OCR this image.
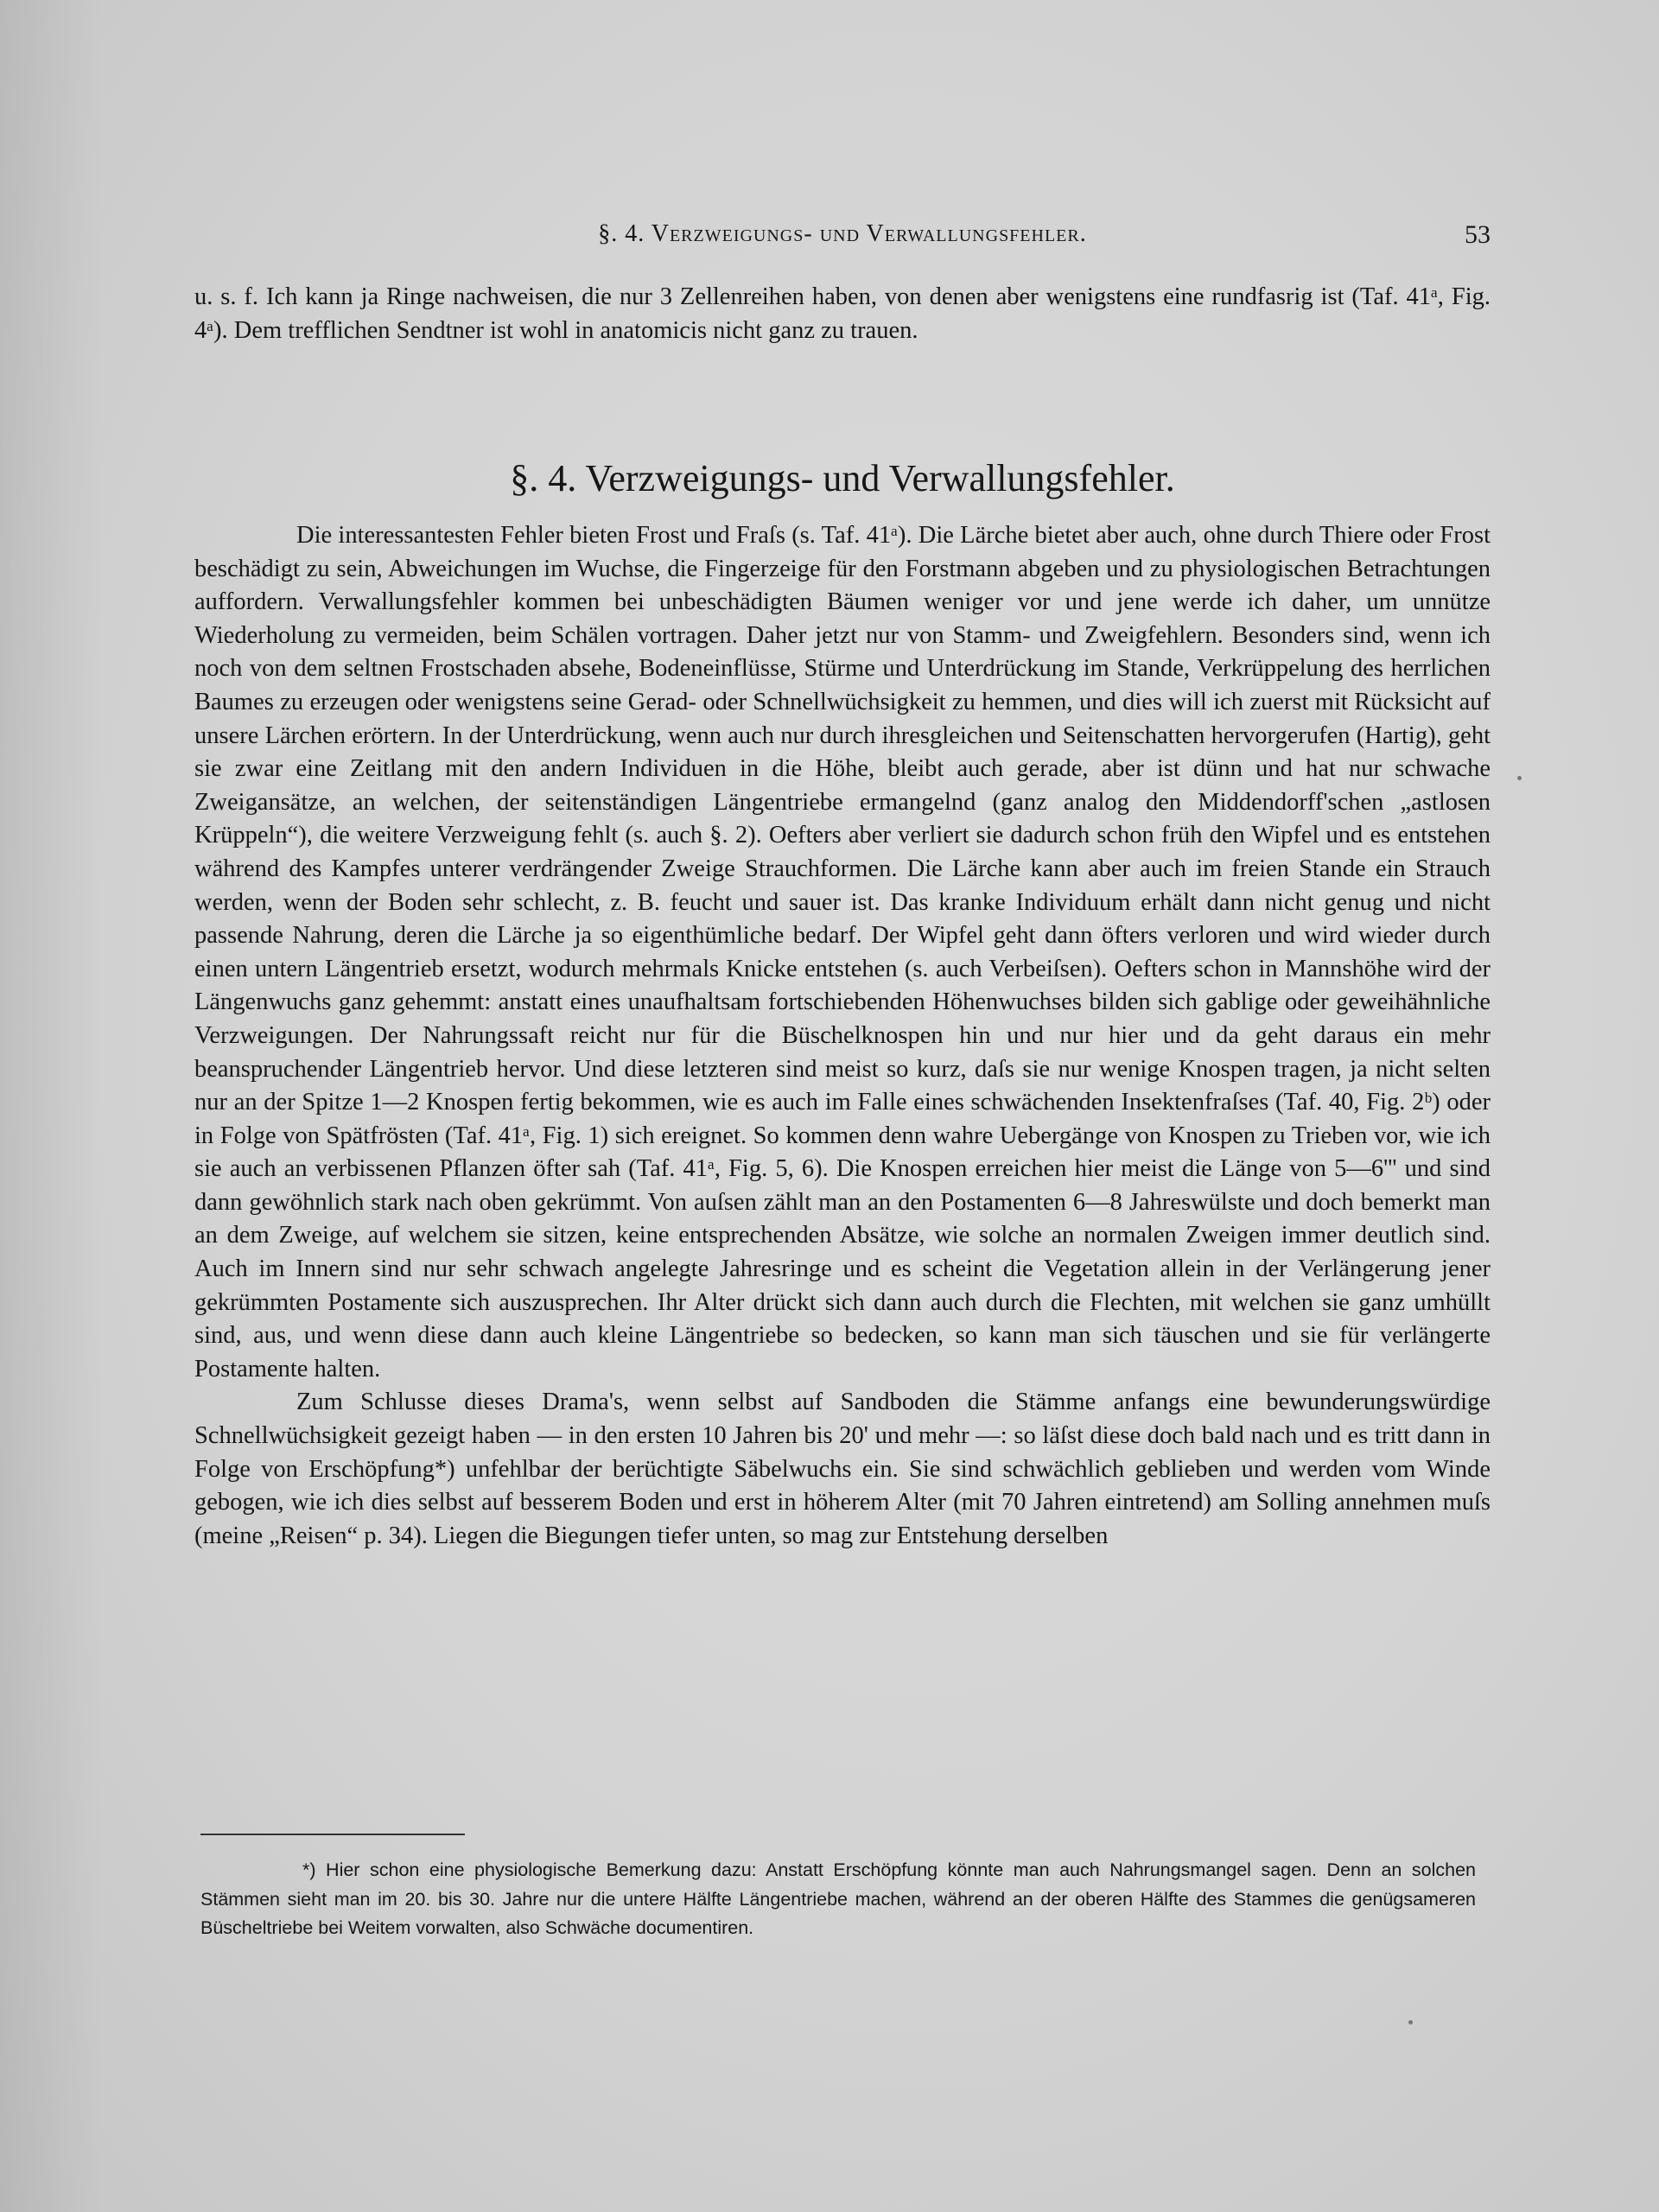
§. 4. Verzweigungs- und Verwallungsfehler.	53

u. s. f. Ich kann ja Ringe nachweisen, die nur 3 Zellenreihen haben, von denen aber wenigstens eine rundfasrig ist (Taf. 41ᵃ, Fig. 4ᵃ). Dem trefflichen Sendtner ist wohl in anatomicis nicht ganz zu trauen.

§. 4. Verzweigungs- und Verwallungsfehler.

Die interessantesten Fehler bieten Frost und Fraſs (s. Taf. 41ᵃ). Die Lärche bietet aber auch, ohne durch Thiere oder Frost beschädigt zu sein, Abweichungen im Wuchse, die Fingerzeige für den Forstmann abgeben und zu physiologischen Betrachtungen auffordern. Verwallungsfehler kommen bei unbeschädigten Bäumen weniger vor und jene werde ich daher, um unnütze Wiederholung zu vermeiden, beim Schälen vortragen. Daher jetzt nur von Stamm- und Zweigfehlern. Besonders sind, wenn ich noch von dem seltnen Frostschaden absehe, Bodeneinflüsse, Stürme und Unterdrückung im Stande, Verkrüppelung des herrlichen Baumes zu erzeugen oder wenigstens seine Gerad- oder Schnellwüchsigkeit zu hemmen, und dies will ich zuerst mit Rücksicht auf unsere Lärchen erörtern. In der Unterdrückung, wenn auch nur durch ihresgleichen und Seitenschatten hervorgerufen (Hartig), geht sie zwar eine Zeitlang mit den andern Individuen in die Höhe, bleibt auch gerade, aber ist dünn und hat nur schwache Zweigansätze, an welchen, der seitenständigen Längentriebe ermangelnd (ganz analog den Middendorff'schen „astlosen Krüppeln“), die weitere Verzweigung fehlt (s. auch §. 2). Oefters aber verliert sie dadurch schon früh den Wipfel und es entstehen während des Kampfes unterer verdrängender Zweige Strauchformen. Die Lärche kann aber auch im freien Stande ein Strauch werden, wenn der Boden sehr schlecht, z. B. feucht und sauer ist. Das kranke Individuum erhält dann nicht genug und nicht passende Nahrung, deren die Lärche ja so eigenthümliche bedarf. Der Wipfel geht dann öfters verloren und wird wieder durch einen untern Längentrieb ersetzt, wodurch mehrmals Knicke entstehen (s. auch Verbeiſsen). Oefters schon in Mannshöhe wird der Längenwuchs ganz gehemmt: anstatt eines unaufhaltsam fortschiebenden Höhenwuchses bilden sich gablige oder geweihähnliche Verzweigungen. Der Nahrungssaft reicht nur für die Büschelknospen hin und nur hier und da geht daraus ein mehr beanspruchender Längentrieb hervor. Und diese letzteren sind meist so kurz, daſs sie nur wenige Knospen tragen, ja nicht selten nur an der Spitze 1—2 Knospen fertig bekommen, wie es auch im Falle eines schwächenden Insektenfraſses (Taf. 40, Fig. 2ᵇ) oder in Folge von Spätfrösten (Taf. 41ᵃ, Fig. 1) sich ereignet. So kommen denn wahre Uebergänge von Knospen zu Trieben vor, wie ich sie auch an verbissenen Pflanzen öfter sah (Taf. 41ᵃ, Fig. 5, 6). Die Knospen erreichen hier meist die Länge von 5—6''' und sind dann gewöhnlich stark nach oben gekrümmt. Von auſsen zählt man an den Postamenten 6—8 Jahreswülste und doch bemerkt man an dem Zweige, auf welchem sie sitzen, keine entsprechenden Absätze, wie solche an normalen Zweigen immer deutlich sind. Auch im Innern sind nur sehr schwach angelegte Jahresringe und es scheint die Vegetation allein in der Verlängerung jener gekrümmten Postamente sich auszusprechen. Ihr Alter drückt sich dann auch durch die Flechten, mit welchen sie ganz umhüllt sind, aus, und wenn diese dann auch kleine Längentriebe so bedecken, so kann man sich täuschen und sie für verlängerte Postamente halten.

Zum Schlusse dieses Drama's, wenn selbst auf Sandboden die Stämme anfangs eine bewunderungswürdige Schnellwüchsigkeit gezeigt haben — in den ersten 10 Jahren bis 20' und mehr —: so läſst diese doch bald nach und es tritt dann in Folge von Erschöpfung*) unfehlbar der berüchtigte Säbelwuchs ein. Sie sind schwächlich geblieben und werden vom Winde gebogen, wie ich dies selbst auf besserem Boden und erst in höherem Alter (mit 70 Jahren eintretend) am Solling annehmen muſs (meine „Reisen“ p. 34). Liegen die Biegungen tiefer unten, so mag zur Entstehung derselben

*) Hier schon eine physiologische Bemerkung dazu: Anstatt Erschöpfung könnte man auch Nahrungsmangel sagen. Denn an solchen Stämmen sieht man im 20. bis 30. Jahre nur die untere Hälfte Längentriebe machen, während an der oberen Hälfte des Stammes die genügsameren Büscheltriebe bei Weitem vorwalten, also Schwäche documentiren.
